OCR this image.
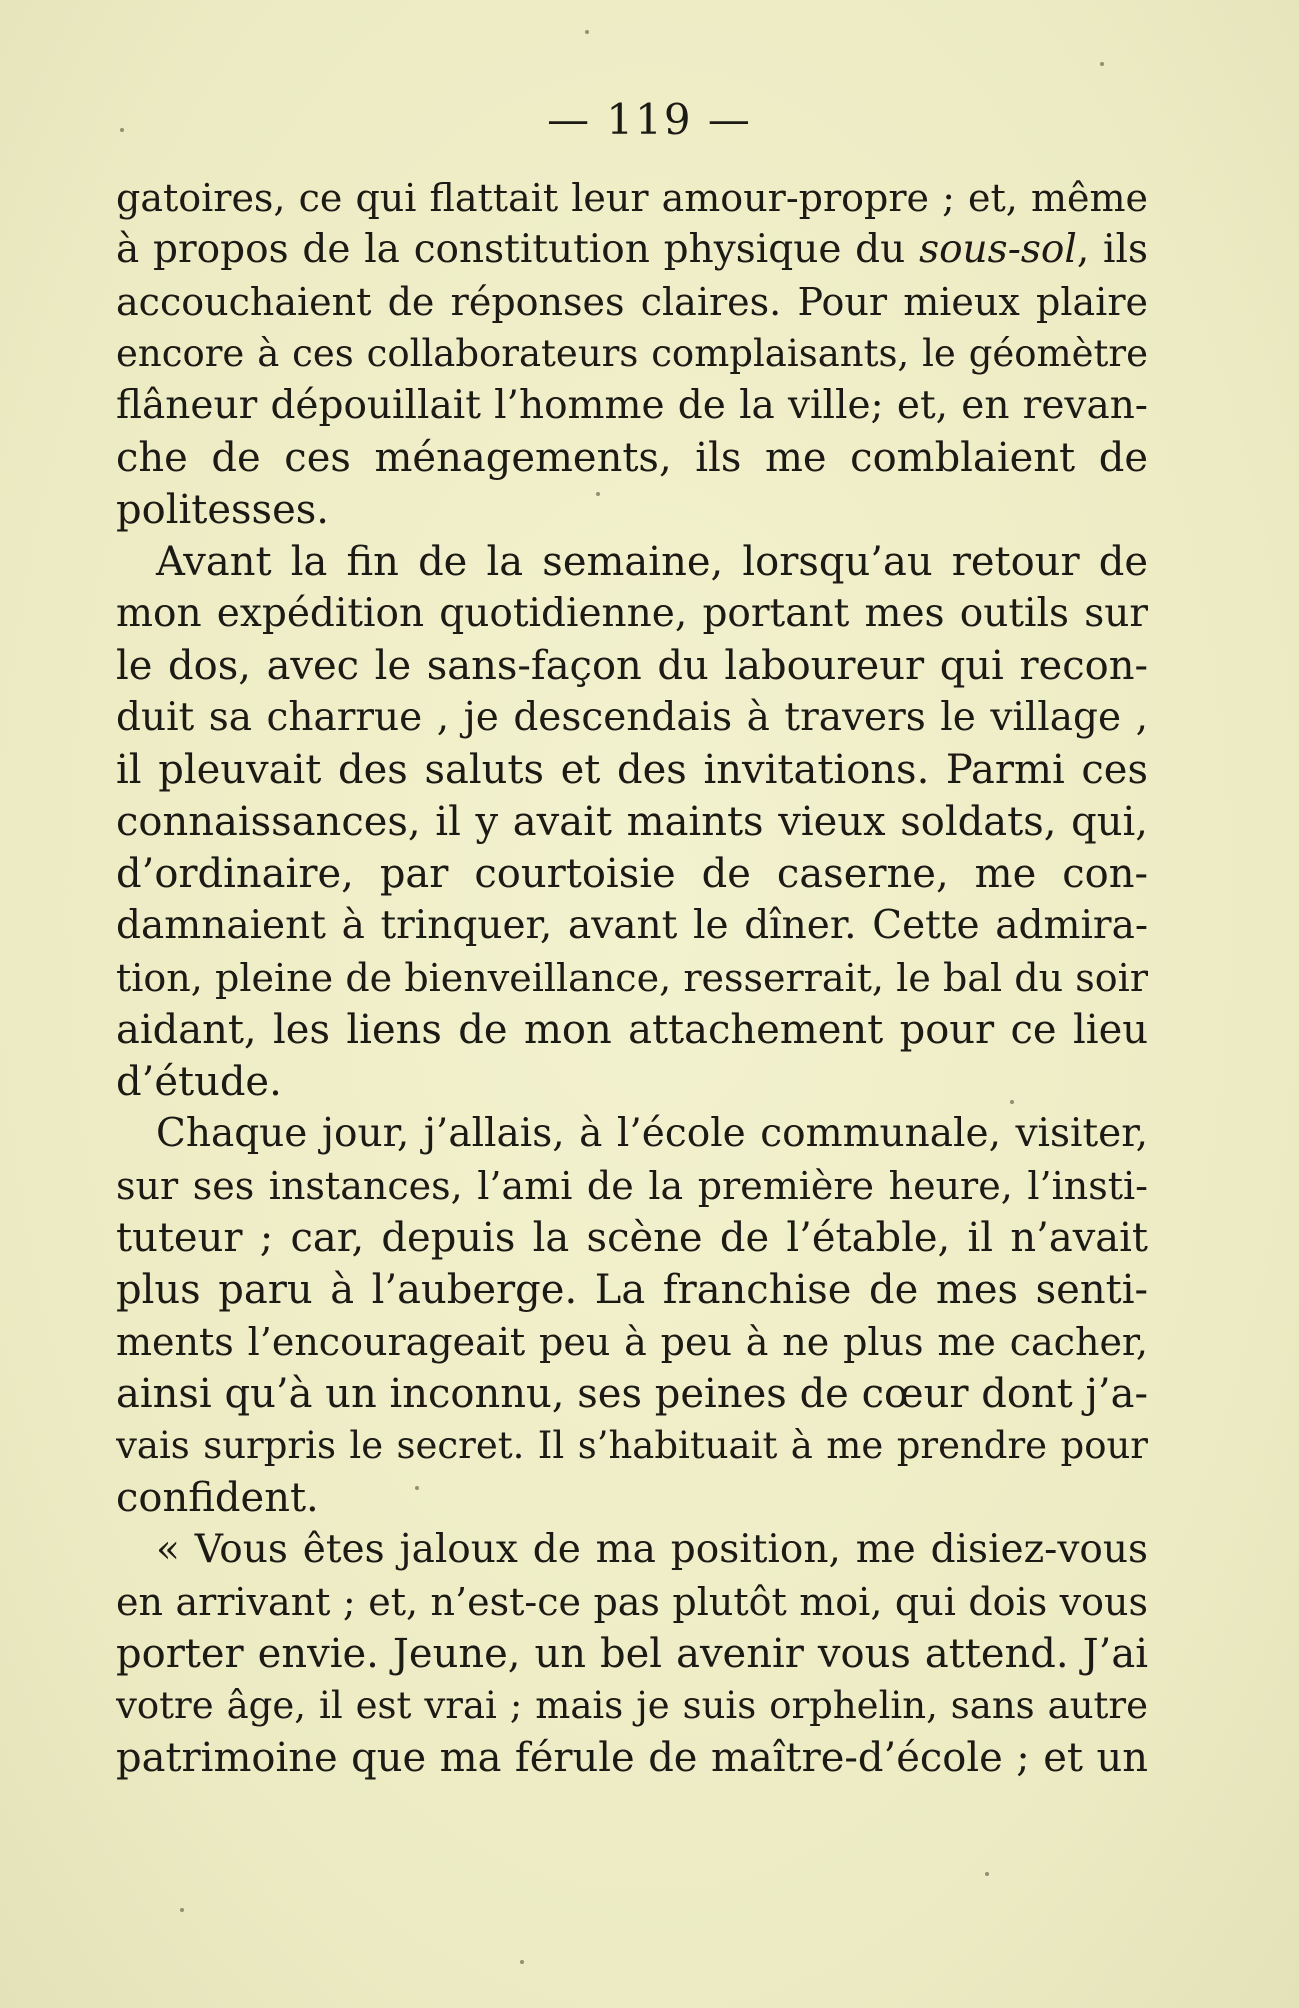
— 119 —
gatoires, ce qui flattait leur amour-propre ; et, même
à propos de la constitution physique du sous-sol, ils
accouchaient de réponses claires. Pour mieux plaire
encore à ces collaborateurs complaisants, le géomètre
flâneur dépouillait l’homme de la ville; et, en revan-
che de ces ménagements, ils me comblaient de
politesses.
Avant la fin de la semaine, lorsqu’au retour de
mon expédition quotidienne, portant mes outils sur
le dos, avec le sans-façon du laboureur qui recon-
duit sa charrue , je descendais à travers le village ,
il pleuvait des saluts et des invitations. Parmi ces
connaissances, il y avait maints vieux soldats, qui,
d’ordinaire, par courtoisie de caserne, me con-
damnaient à trinquer, avant le dîner. Cette admira-
tion, pleine de bienveillance, resserrait, le bal du soir
aidant, les liens de mon attachement pour ce lieu
d’étude.
Chaque jour, j’allais, à l’école communale, visiter,
sur ses instances, l’ami de la première heure, l’insti-
tuteur ; car, depuis la scène de l’étable, il n’avait
plus paru à l’auberge. La franchise de mes senti-
ments l’encourageait peu à peu à ne plus me cacher,
ainsi qu’à un inconnu, ses peines de cœur dont j’a-
vais surpris le secret. Il s’habituait à me prendre pour
confident.
« Vous êtes jaloux de ma position, me disiez-vous
en arrivant ; et, n’est-ce pas plutôt moi, qui dois vous
porter envie. Jeune, un bel avenir vous attend. J’ai
votre âge, il est vrai ; mais je suis orphelin, sans autre
patrimoine que ma férule de maître-d’école ; et un
